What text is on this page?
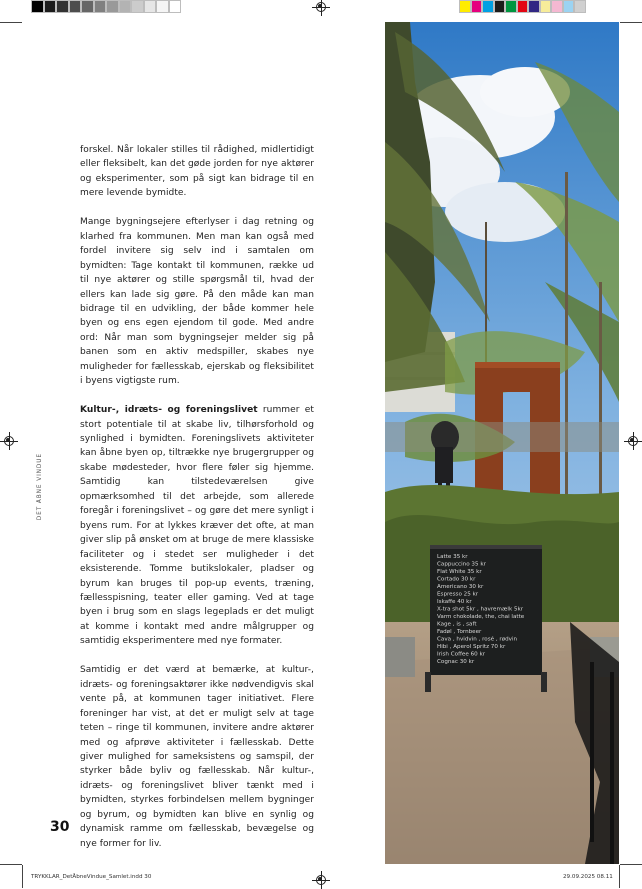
DET ÅBNE VINDUE

forskel. Når lokaler stilles til rådighed, midlertidigt eller fleksibelt, kan det gøde jorden for nye aktører og eksperimenter, som på sigt kan bidrage til en mere levende bymidte.

Mange bygningsejere efterlyser i dag retning og klarhed fra kommunen. Men man kan også med fordel invitere sig selv ind i samtalen om bymidten: Tage kontakt til kommunen, række ud til nye aktører og stille spørgsmål til, hvad der ellers kan lade sig gøre. På den måde kan man bidrage til en udvikling, der både kommer hele byen og ens egen ejendom til gode. Med andre ord: Når man som bygningsejer melder sig på banen som en aktiv medspiller, skabes nye muligheder for fællesskab, ejerskab og fleksibilitet i byens vigtigste rum.

Kultur-, idræts- og foreningslivet rummer et stort potentiale til at skabe liv, tilhørsforhold og synlighed i bymidten. Foreningslivets aktiviteter kan åbne byen op, tiltrække nye brugergrupper og skabe mødesteder, hvor flere føler sig hjemme. Samtidig kan tilstedeværelsen give opmærksomhed til det arbejde, som allerede foregår i foreningslivet – og gøre det mere synligt i byens rum. For at lykkes kræver det ofte, at man giver slip på ønsket om at bruge de mere klassiske faciliteter og i stedet ser muligheder i det eksisterende. Tomme butikslokaler, pladser og byrum kan bruges til pop-up events, træning, fællesspisning, teater eller gaming. Ved at tage byen i brug som en slags legeplads er det muligt at komme i kontakt med andre målgrupper og samtidig eksperimentere med nye formater.

Samtidig er det værd at bemærke, at kultur-, idræts- og foreningsaktører ikke nødvendigvis skal vente på, at kommunen tager initiativet. Flere foreninger har vist, at det er muligt selv at tage teten – ringe til kommunen, invitere andre aktører med og afprøve aktiviteter i fællesskab. Dette giver mulighed for sameksistens og samspil, der styrker både byliv og fællesskab. Når kultur-, idræts- og foreningslivet bliver tænkt med i bymidten, styrkes forbindelsen mellem bygninger og byrum, og bymidten kan blive en synlig og dynamisk ramme om fællesskab, bevægelse og nye former for liv.

30
Latte 35 kr
Cappuccino 35 kr
Flat White 35 kr
Cortado 30 kr
Americano 30 kr
Espresso 25 kr
Iskaffe 40 kr
X-tra shot 5kr , havremælk 5kr
Varm chokolade, the, chai latte
Kage , is , saft
Fadøl , Tornbeer
Cava , hvidvin , rosé , rødvin
Hibi , Aperol Spritz 70 kr
Irish Coffee 60 kr
Cognac 30 kr
TRYKKLAR_DetÅbneVindue_Samlet.indd 30	29.09.2025 08.11
